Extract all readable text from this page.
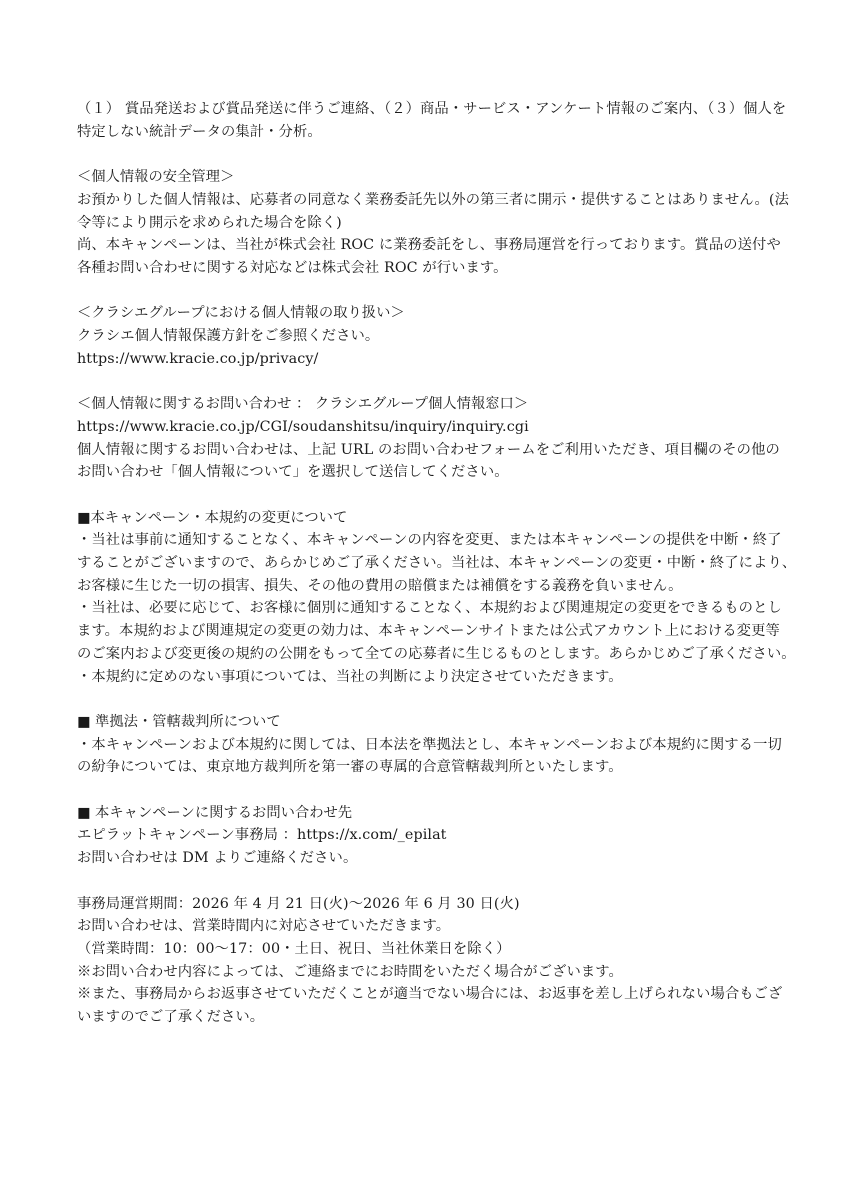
（１） 賞品発送および賞品発送に伴うご連絡、（２）商品・サービス・アンケート情報のご案内、（３）個人を

特定しない統計データの集計・分析。

＜個人情報の安全管理＞

お預かりした個人情報は、応募者の同意なく業務委託先以外の第三者に開示・提供することはありません。(法

令等により開示を求められた場合を除く)

尚、本キャンペーンは、当社が株式会社 ROC に業務委託をし、事務局運営を行っております。賞品の送付や

各種お問い合わせに関する対応などは株式会社 ROC が行います。

＜クラシエグループにおける個人情報の取り扱い＞

クラシエ個人情報保護方針をご参照ください。

https://www.kracie.co.jp/privacy/

＜個人情報に関するお問い合わせ ： クラシエグループ個人情報窓口＞

https://www.kracie.co.jp/CGI/soudanshitsu/inquiry/inquiry.cgi

個人情報に関するお問い合わせは、上記 URL のお問い合わせフォームをご利用いただき、項目欄のその他の

お問い合わせ「個人情報について」を選択して送信してください。

■本キャンペーン・本規約の変更について

・当社は事前に通知することなく、本キャンペーンの内容を変更、または本キャンペーンの提供を中断・終了

することがございますので、あらかじめご了承ください。当社は、本キャンペーンの変更・中断・終了により、

お客様に生じた一切の損害、損失、その他の費用の賠償または補償をする義務を負いません。

・当社は、必要に応じて、お客様に個別に通知することなく、本規約および関連規定の変更をできるものとし

ます。本規約および関連規定の変更の効力は、本キャンペーンサイトまたは公式アカウント上における変更等

のご案内および変更後の規約の公開をもって全ての応募者に生じるものとします。あらかじめご了承ください。

・本規約に定めのない事項については、当社の判断により決定させていただきます。

■ 準拠法・管轄裁判所について

・本キャンペーンおよび本規約に関しては、日本法を準拠法とし、本キャンペーンおよび本規約に関する一切

の紛争については、東京地方裁判所を第一審の専属的合意管轄裁判所といたします。

■ 本キャンペーンに関するお問い合わせ先

エピラットキャンペーン事務局 ：https://x.com/_epilat

お問い合わせは DM よりご連絡ください。

事務局運営期間：2026 年 4 月 21 日(火)～2026 年 6 月 30 日(火)

お問い合わせは、営業時間内に対応させていただきます。

（営業時間：10：00～17：00・土日、祝日、当社休業日を除く）

※お問い合わせ内容によっては、ご連絡までにお時間をいただく場合がございます。

※また、事務局からお返事させていただくことが適当でない場合には、お返事を差し上げられない場合もござ

いますのでご了承ください。
